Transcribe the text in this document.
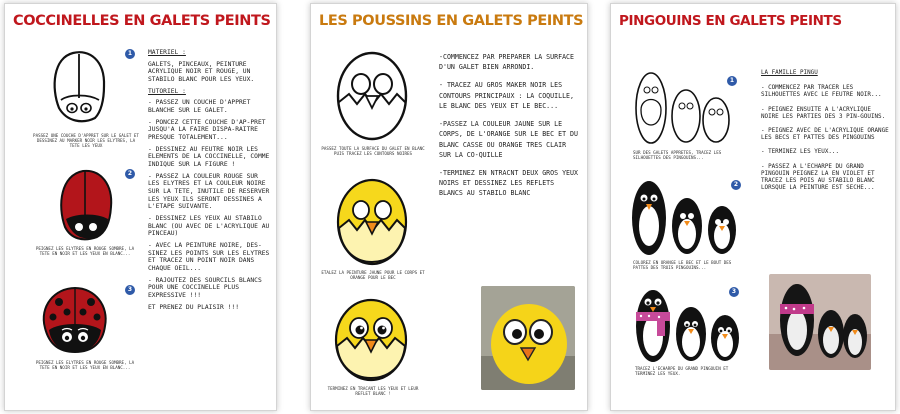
COCCINELLES EN GALETS PEINTS
1
PASSEZ UNE COUCHE D'APPRET SUR LE GALET ET DESSINEZ AU MARKER NOIR LES ELYTRES, LA TETE LES YEUX
2
PEIGNEZ LES ELYTRES EN ROUGE SOMBRE, LA TETE EN NOIR ET LES YEUX EN BLANC...
3
PEIGNEZ LES ELYTRES EN ROUGE SOMBRE, LA TETE EN NOIR ET LES YEUX EN BLANC...

MATERIEL :

GALETS, PINCEAUX, PEINTURE ACRYLIQUE NOIR ET ROUGE, UN STABILO BLANC POUR LES YEUX.

TUTORIEL :

- PASSEZ UN COUCHE D'APPRET BLANCHE SUR LE GALET.

- PONCEZ CETTE COUCHE D'AP-PRET JUSQU'A LA FAIRE DISPA-RAITRE PRESQUE TOTALEMENT...

- DESSINEZ AU FEUTRE NOIR LES ELEMENTS DE LA COCCINELLE, COMME INDIQUE SUR LA FIGURE !

- PASSEZ LA COULEUR ROUGE SUR LES ELYTRES ET LA COULEUR NOIRE SUR LA TETE, INUTILE DE RESERVER LES YEUX ILS SERONT DESSINES A L'ETAPE SUIVANTE.

- DESSINEZ LES YEUX AU STABILO BLANC (OU AVEC DE L'ACRYLIQUE AU PINCEAU)

- AVEC LA PEINTURE NOIRE, DES-SINEZ LES POINTS SUR LES ELYTRES ET TRACEZ UN POINT NOIR DANS CHAQUE OEIL...

- RAJOUTEZ DES SOURCILS BLANCS POUR UNE COCCINELLE PLUS EXPRESSIVE !!!

ET PRENEZ DU PLAISIR !!!

LES POUSSINS EN GALETS PEINTS
PASSEZ TOUTE LA SURFACE DU GALET EN BLANC PUIS TRACEZ LES CONTOURS NOIRES
ETALEZ LA PEINTURE JAUNE POUR LE CORPS ET ORANGE POUR LE BEC
TERMINEZ EN TRACANT LES YEUX ET LEUR REFLET BLANC !

-COMMENCEZ PAR PREPARER LA SURFACE D'UN GALET BIEN ARRONDI.

- TRACEZ AU GROS MAKER NOIR LES CONTOURS PRINCIPAUX : LA COQUILLE, LE BLANC DES YEUX ET LE BEC...

-PASSEZ LA COULEUR JAUNE SUR LE CORPS, DE L'ORANGE SUR LE BEC ET DU BLANC CASSE OU ORANGE TRES CLAIR SUR LA CO-QUILLE

-TERMINEZ EN NTRACNT DEUX GROS YEUX NOIRS ET DESSINEZ LES REFLETS BLANCS AU STABILO BLANC

PINGOUINS EN GALETS PEINTS
1
SUR DES GALETS APPRETES, TRACEZ LES SILHOUETTES DES PINGOUINS...
2
COLOREZ EN ORANGE LE BEC ET LE BOUT DES PATTES DES TROIS PINGOUINS...
3
TRACEZ L'ECHARPE DU GRAND PINGOUIN ET TERMINEZ LES YEUX.

LA FAMILLE PINGU

- COMMENCEZ PAR TRACER LES SILHOUETTES AVEC LE FEUTRE NOIR...

- PEIGNEZ ENSUITE A L'ACRYLIQUE NOIRE LES PARTIES DES 3 PIN-GOUINS.

- PEIGNEZ AVEC DE L'ACRYLIQUE ORANGE LES BECS ET PATTES DES PINGOUINS

- TERMINEZ LES YEUX...

- PASSEZ A L'ECHARPE DU GRAND PINGOUIN PEIGNEZ LA EN VIOLET ET TRACEZ LES POIS AU STABILO BLANC LORSQUE LA PEINTURE EST SECHE...
